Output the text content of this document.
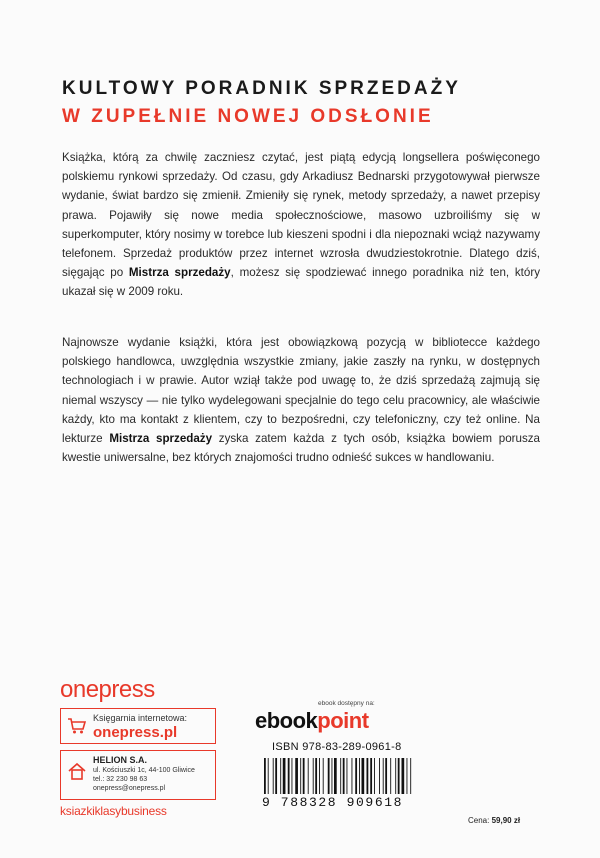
KULTOWY PORADNIK SPRZEDAŻY
W ZUPEŁNIE NOWEJ ODSŁONIE
Książka, którą za chwilę zaczniesz czytać, jest piątą edycją longsellera poświęconego polskiemu rynkowi sprzedaży. Od czasu, gdy Arkadiusz Bednarski przygotowywał pierwsze wydanie, świat bardzo się zmienił. Zmieniły się rynek, metody sprzedaży, a nawet przepisy prawa. Pojawiły się nowe media społecznościowe, masowo uzbroiliśmy się w superkomputer, który nosimy w torebce lub kieszeni spodni i dla niepoznaki wciąż nazywamy telefonem. Sprzedaż produktów przez internet wzrosła dwudziestokrotnie. Dlatego dziś, sięgając po Mistrza sprzedaży, możesz się spodziewać innego poradnika niż ten, który ukazał się w 2009 roku.
Najnowsze wydanie książki, która jest obowiązkową pozycją w bibliotecce każdego polskiego handlowca, uwzględnia wszystkie zmiany, jakie zaszły na rynku, w dostępnych technologiach i w prawie. Autor wziął także pod uwagę to, że dziś sprzedażą zajmują się niemal wszyscy — nie tylko wydelegowani specjalnie do tego celu pracownicy, ale właściwie każdy, kto ma kontakt z klientem, czy to bezpośredni, czy telefoniczny, czy też online. Na lekturze Mistrza sprzedaży zyska zatem każda z tych osób, książka bowiem porusza kwestie uniwersalne, bez których znajomości trudno odnieść sukces w handlowaniu.
onepress
Księgarnia internetowa:
onepress.pl
HELION S.A.
ul. Kościuszki 1c, 44-100 Gliwice
tel.: 32 230 98 63
onepress@onepress.pl
ksiazkiklasybusiness
ebook dostępny na:
ebookpoint
ISBN 978-83-289-0961-8
9 788328 909618
Cena: 59,90 zł
